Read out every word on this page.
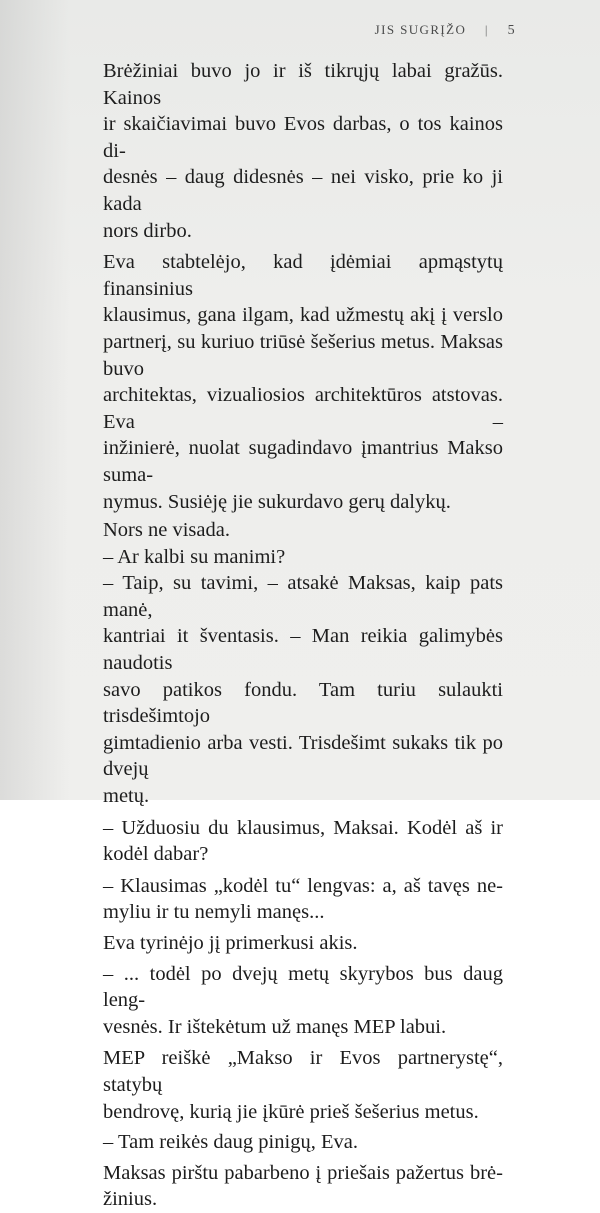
JIS SUGRĮŽO | 5
Brėžiniai buvo jo ir iš tikrųjų labai gražūs. Kainos
ir skaičiavimai buvo Evos darbas, o tos kainos di-
desnės – daug didesnės – nei visko, prie ko ji kada
nors dirbo.
Eva stabtelėjo, kad įdėmiai apmąstytų finansinius
klausimus, gana ilgam, kad užmestų akį į verslo
partnerį, su kuriuo triūsė šešerius metus. Maksas buvo
architektas, vizualiosios architektūros atstovas. Eva –
inžinierė, nuolat sugadindavo įmantrius Makso suma-
nymus. Susiėję jie sukurdavo gerų dalykų.
Nors ne visada.
– Ar kalbi su manimi?
– Taip, su tavimi, – atsakė Maksas, kaip pats manė,
kantriai it šventasis. – Man reikia galimybės naudotis
savo patikos fondu. Tam turiu sulaukti trisdešimtojo
gimtadienio arba vesti. Trisdešimt sukaks tik po dvejų
metų.
– Užduosiu du klausimus, Maksai. Kodėl aš ir
kodėl dabar?
– Klausimas „kodėl tu“ lengvas: a, aš tavęs ne-
myliu ir tu nemyli manęs...
Eva tyrinėjo jį primerkusi akis.
– ... todėl po dvejų metų skyrybos bus daug leng-
vesnės. Ir ištekėtum už manęs MEP labui.
MEP reiškė „Makso ir Evos partnerystę“, statybų
bendrovę, kurią jie įkūrė prieš šešerius metus.
– Tam reikės daug pinigų, Eva.
Maksas pirštu pabarbeno į priešais pažertus brė-
žinius.
